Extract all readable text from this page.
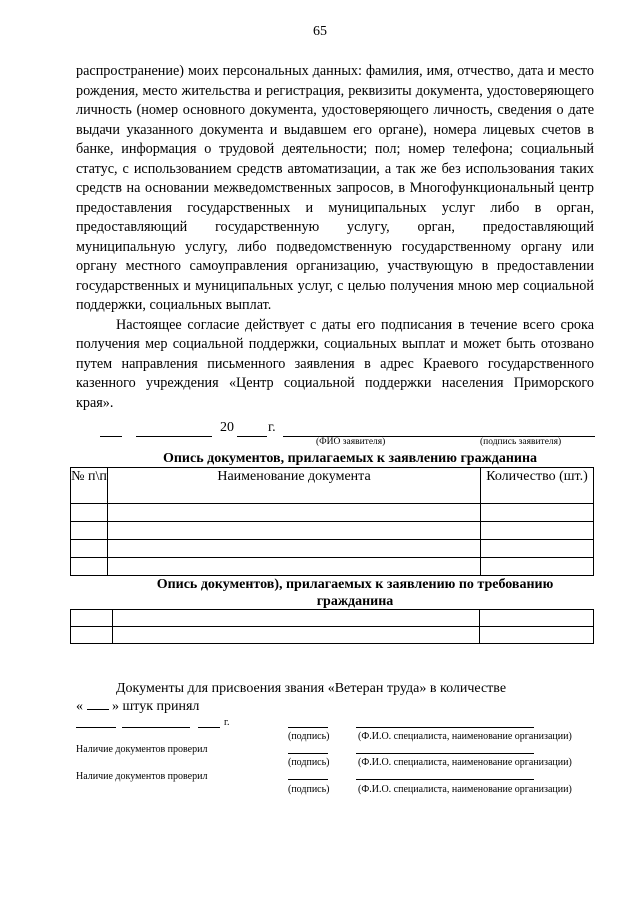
65

распространение) моих персональных данных: фамилия, имя, отчество, дата и место рождения, место жительства и регистрация, реквизиты документа, удостоверяющего личность (номер основного документа, удостоверяющего личность, сведения о дате выдачи указанного документа и выдавшем его органе), номера лицевых счетов в банке, информация о трудовой деятельности; пол; номер телефона; социальный статус, с использованием средств автоматизации, а так же без использования таких средств на основании межведомственных запросов, в Многофункциональный центр предоставления государственных и муниципальных услуг либо в орган, предоставляющий государственную услугу, орган, предоставляющий муниципальную услугу, либо подведомственную государственному органу или органу местного самоуправления организацию, участвующую в предоставлении государственных и муниципальных услуг, с целью получения мною мер социальной поддержки, социальных выплат.

Настоящее согласие действует с даты его подписания в течение всего срока получения мер социальной поддержки, социальных выплат и может быть отозвано путем направления письменного заявления в адрес Краевого государственного казенного учреждения «Центр социальной поддержки населения Приморского края».

20 г.
(ФИО заявителя)	(подпись заявителя)
Опись документов, прилагаемых к заявлению гражданина
№ п\п	Наименование документа	Количество (шт.)

Опись документов), прилагаемых к заявлению по требованию
гражданина

Документы для присвоения звания «Ветеран труда» в количестве
« » штук принял
г.
(подпись)	(Ф.И.О. специалиста, наименование организации)
Наличие документов проверил
(подпись)	(Ф.И.О. специалиста, наименование организации)
Наличие документов проверил
(подпись)	(Ф.И.О. специалиста, наименование организации)
